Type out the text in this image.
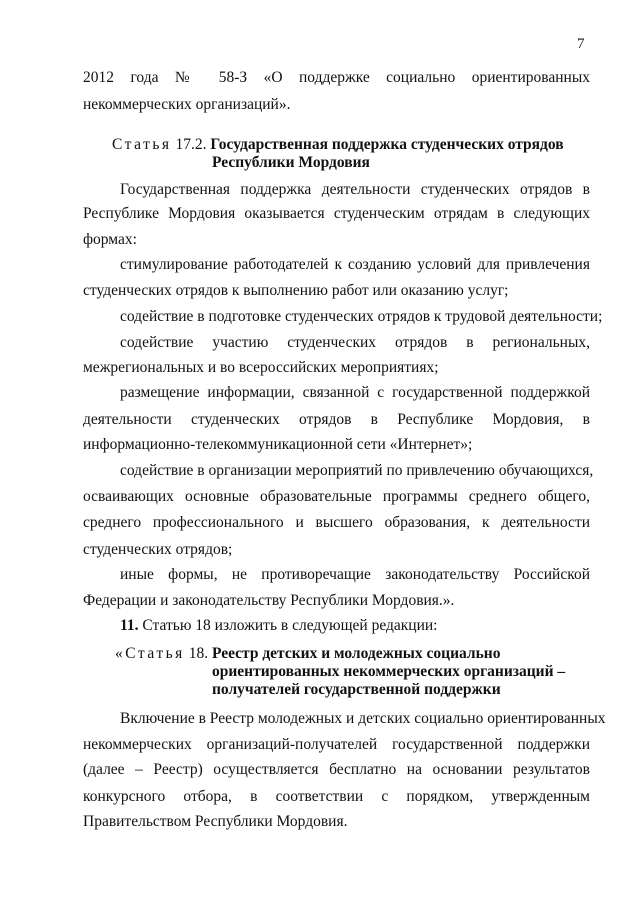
7
2012 года № 58-З «О поддержке социально ориентированных
некоммерческих организаций».
Статья 17.2. Государственная поддержка студенческих отрядов
Республики Мордовия
Государственная поддержка деятельности студенческих отрядов в
Республике Мордовия оказывается студенческим отрядам в следующих
формах:
стимулирование работодателей к созданию условий для привлечения
студенческих отрядов к выполнению работ или оказанию услуг;
содействие в подготовке студенческих отрядов к трудовой деятельности;
содействие участию студенческих отрядов в региональных,
межрегиональных и во всероссийских мероприятиях;
размещение информации, связанной с государственной поддержкой
деятельности студенческих отрядов в Республике Мордовия, в
информационно-телекоммуникационной сети «Интернет»;
содействие в организации мероприятий по привлечению обучающихся,
осваивающих основные образовательные программы среднего общего,
среднего профессионального и высшего образования, к деятельности
студенческих отрядов;
иные формы, не противоречащие законодательству Российской
Федерации и законодательству Республики Мордовия.».
11. Статью 18 изложить в следующей редакции:
«Статья 18. Реестр детских и молодежных социально
ориентированных некоммерческих организаций –
получателей государственной поддержки
Включение в Реестр молодежных и детских социально ориентированных
некоммерческих организаций-получателей государственной поддержки
(далее – Реестр) осуществляется бесплатно на основании результатов
конкурсного отбора, в соответствии с порядком, утвержденным
Правительством Республики Мордовия.
